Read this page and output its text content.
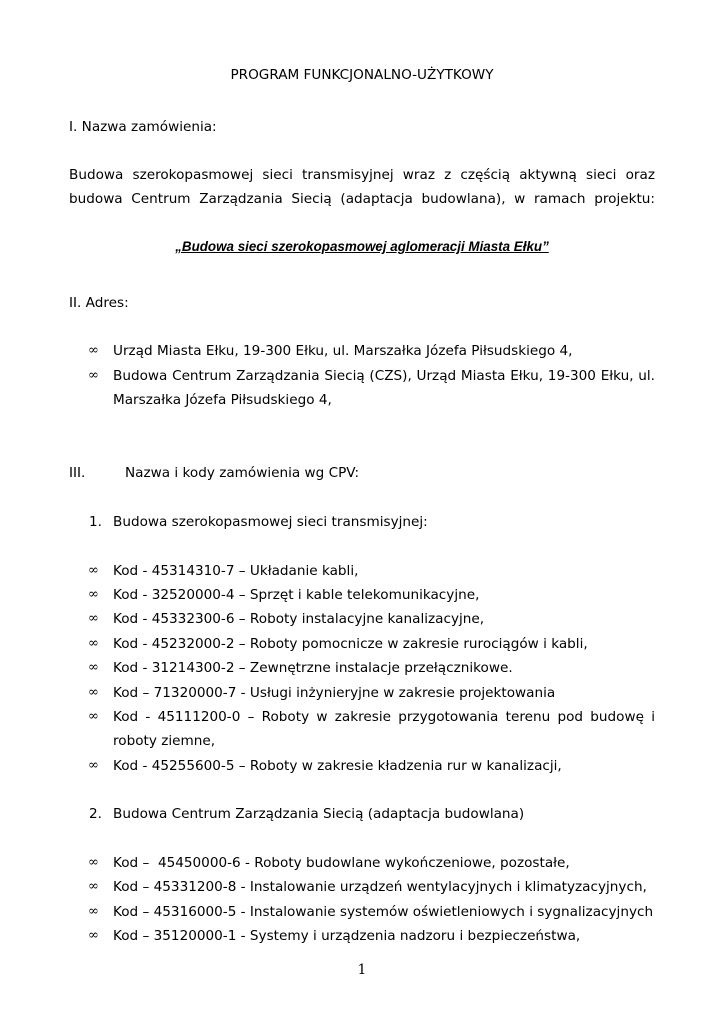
PROGRAM FUNKCJONALNO-UŻYTKOWY
I. Nazwa zamówienia:
Budowa szerokopasmowej sieci transmisyjnej wraz z częścią aktywną sieci oraz
budowa Centrum Zarządzania Siecią (adaptacja budowlana), w ramach projektu:
„Budowa sieci szerokopasmowej aglomeracji Miasta Ełku”
II. Adres:
∞	Urząd Miasta Ełku, 19-300 Ełku, ul. Marszałka Józefa Piłsudskiego 4,
∞	Budowa Centrum Zarządzania Siecią (CZS), Urząd Miasta Ełku, 19-300 Ełku, ul.
Marszałka Józefa Piłsudskiego 4,
III.	Nazwa i kody zamówienia wg CPV:
1. Budowa szerokopasmowej sieci transmisyjnej:
∞	Kod - 45314310-7 – Układanie kabli,
∞	Kod - 32520000-4 – Sprzęt i kable telekomunikacyjne,
∞	Kod - 45332300-6 – Roboty instalacyjne kanalizacyjne,
∞	Kod - 45232000-2 – Roboty pomocnicze w zakresie rurociągów i kabli,
∞	Kod - 31214300-2 – Zewnętrzne instalacje przełącznikowe.
∞	Kod – 71320000-7 - Usługi inżynieryjne w zakresie projektowania
∞	Kod - 45111200-0 – Roboty w zakresie przygotowania terenu pod budowę i
roboty ziemne,
∞	Kod - 45255600-5 – Roboty w zakresie kładzenia rur w kanalizacji,
2. Budowa Centrum Zarządzania Siecią (adaptacja budowlana)
∞	Kod –  45450000-6 - Roboty budowlane wykończeniowe, pozostałe,
∞	Kod – 45331200-8 - Instalowanie urządzeń wentylacyjnych i klimatyzacyjnych,
∞	Kod – 45316000-5 - Instalowanie systemów oświetleniowych i sygnalizacyjnych
∞	Kod – 35120000-1 - Systemy i urządzenia nadzoru i bezpieczeństwa,
1
